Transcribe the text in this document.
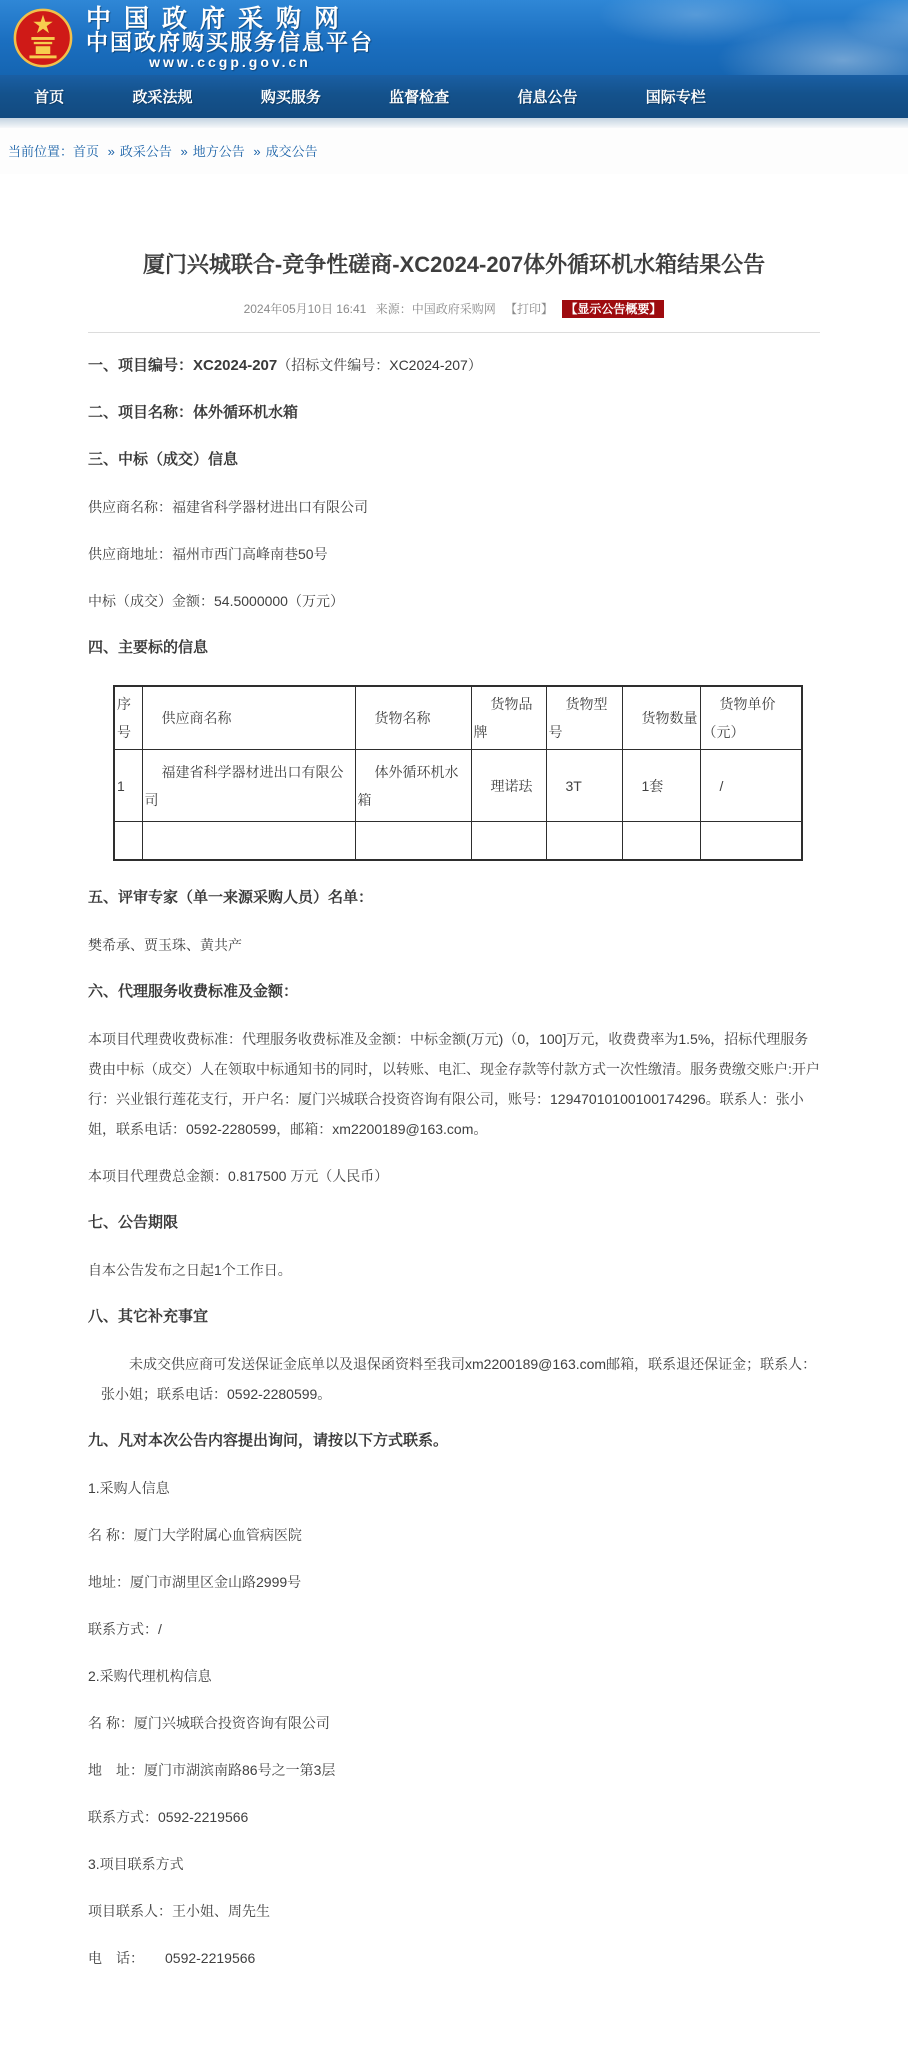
中国政府采购网
中国政府购买服务信息平台
www.ccgp.gov.cn
首页	政采法规	购买服务	监督检查	信息公告	国际专栏
当前位置：首页 » 政采公告 » 地方公告 » 成交公告
厦门兴城联合-竞争性磋商-XC2024-207体外循环机水箱结果公告
2024年05月10日 16:41 来源：中国政府采购网 【打印】 【显示公告概要】

一、项目编号：XC2024-207（招标文件编号：XC2024-207）

二、项目名称：体外循环机水箱

三、中标（成交）信息

供应商名称：福建省科学器材进出口有限公司

供应商地址：福州市西门高峰南巷50号

中标（成交）金额：54.5000000（万元）

四、主要标的信息

序号	供应商名称	货物名称	货物品牌	货物型号	货物数量	货物单价（元）
1	福建省科学器材进出口有限公司	体外循环机水箱	理诺珐	3T	1套	/

五、评审专家（单一来源采购人员）名单：

樊希承、贾玉珠、黄共产

六、代理服务收费标准及金额：

本项目代理费收费标准：代理服务收费标准及金额：中标金额(万元)（0，100]万元，收费费率为1.5%，招标代理服务费由中标（成交）人在领取中标通知书的同时，以转账、电汇、现金存款等付款方式一次性缴清。服务费缴交账户:开户行：兴业银行莲花支行，开户名：厦门兴城联合投资咨询有限公司，账号：12947010100100174296。联系人：张小姐，联系电话：0592-2280599，邮箱：xm2200189@163.com。

本项目代理费总金额：0.817500 万元（人民币）

七、公告期限

自本公告发布之日起1个工作日。

八、其它补充事宜

未成交供应商可发送保证金底单以及退保函资料至我司xm2200189@163.com邮箱，联系退还保证金；联系人：张小姐；联系电话：0592-2280599。

九、凡对本次公告内容提出询问，请按以下方式联系。

1.采购人信息

名 称：厦门大学附属心血管病医院

地址：厦门市湖里区金山路2999号

联系方式：/

2.采购代理机构信息

名 称：厦门兴城联合投资咨询有限公司

地　址：厦门市湖滨南路86号之一第3层

联系方式：0592-2219566

3.项目联系方式

项目联系人：王小姐、周先生

电　话：　　0592-2219566
